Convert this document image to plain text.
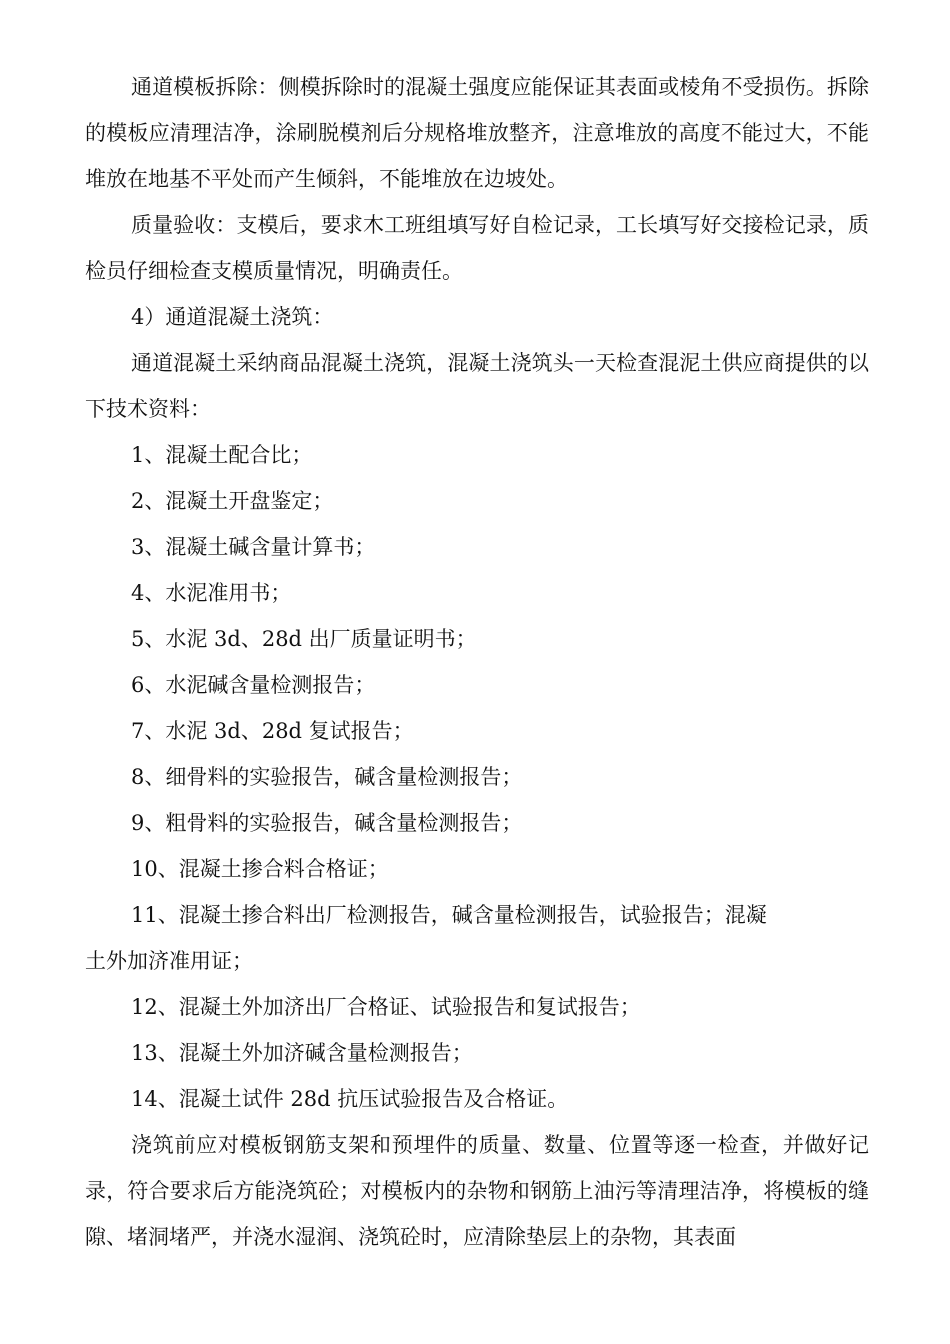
通道模板拆除：侧模拆除时的混凝土强度应能保证其表面或棱角不受损伤。拆除的模板应清理洁净，涂刷脱模剂后分规格堆放整齐，注意堆放的高度不能过大，不能堆放在地基不平处而产生倾斜，不能堆放在边坡处。

质量验收：支模后，要求木工班组填写好自检记录，工长填写好交接检记录，质检员仔细检查支模质量情况，明确责任。

4）通道混凝土浇筑：

通道混凝土采纳商品混凝土浇筑，混凝土浇筑头一天检查混泥土供应商提供的以下技术资料：

1、混凝土配合比；

2、混凝土开盘鉴定；

3、混凝土碱含量计算书；

4、水泥准用书；

5、水泥 3d、28d 出厂质量证明书；

6、水泥碱含量检测报告；

7、水泥 3d、28d 复试报告；

8、细骨料的实验报告，碱含量检测报告；

9、粗骨料的实验报告，碱含量检测报告；

10、混凝土掺合料合格证；

11、混凝土掺合料出厂检测报告，碱含量检测报告，试验报告；混凝

土外加济准用证；

12、混凝土外加济出厂合格证、试验报告和复试报告；

13、混凝土外加济碱含量检测报告；

14、混凝土试件 28d 抗压试验报告及合格证。

浇筑前应对模板钢筋支架和预埋件的质量、数量、位置等逐一检查，并做好记录，符合要求后方能浇筑砼；对模板内的杂物和钢筋上油污等清理洁净，将模板的缝隙、堵洞堵严，并浇水湿润、浇筑砼时，应清除垫层上的杂物，其表面
